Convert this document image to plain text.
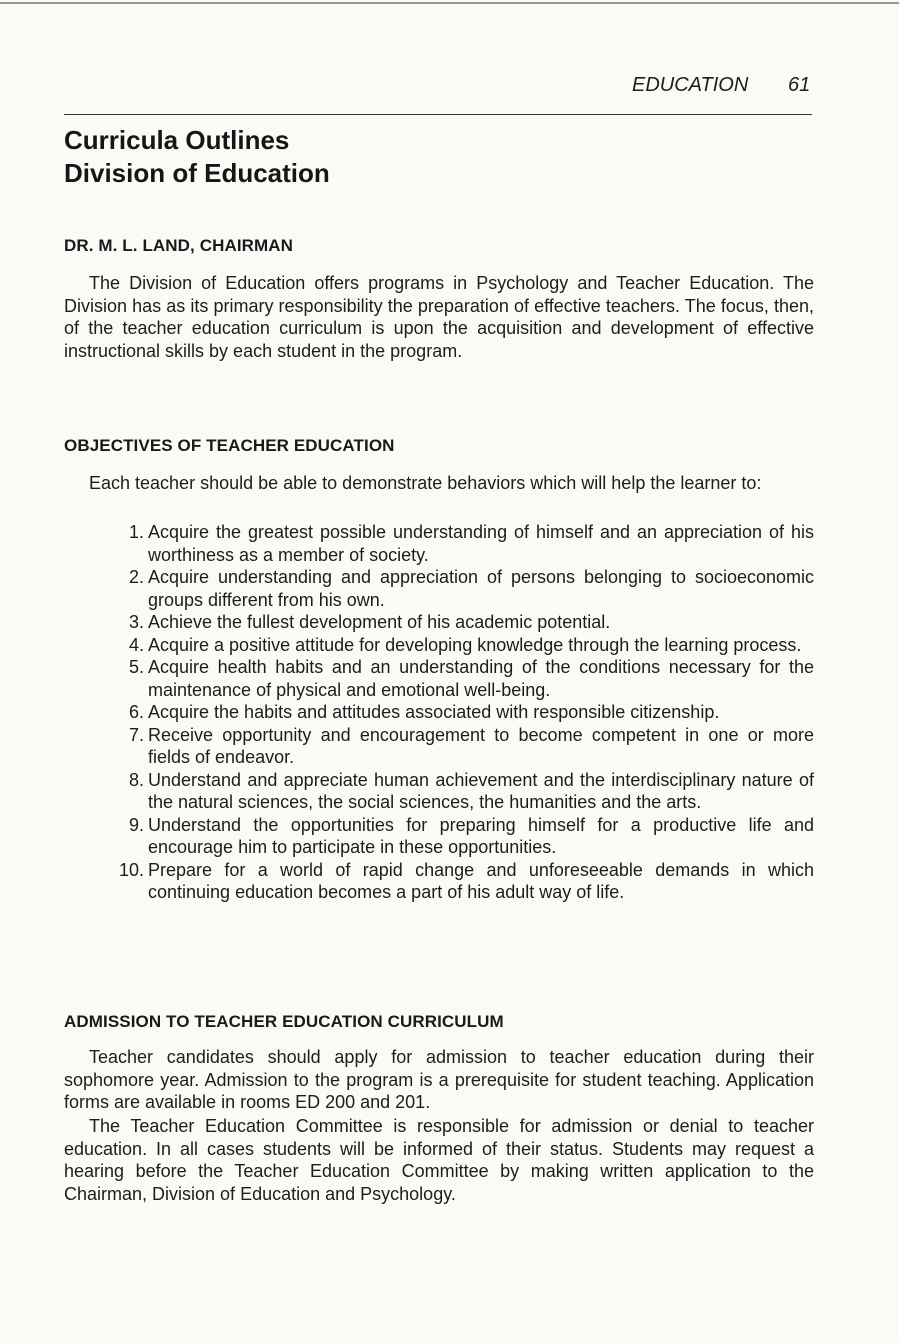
EDUCATION 61
Curricula Outlines
Division of Education
DR. M. L. LAND, CHAIRMAN

The Division of Education offers programs in Psychology and Teacher Education. The Division has as its primary responsibility the preparation of effective teachers. The focus, then, of the teacher education curriculum is upon the acquisition and development of effective instructional skills by each student in the program.

OBJECTIVES OF TEACHER EDUCATION

Each teacher should be able to demonstrate behaviors which will help the learner to:

1. Acquire the greatest possible understanding of himself and an appreciation of his worthiness as a member of society.
2. Acquire understanding and appreciation of persons belonging to socioeconomic groups different from his own.
3. Achieve the fullest development of his academic potential.
4. Acquire a positive attitude for developing knowledge through the learning process.
5. Acquire health habits and an understanding of the conditions necessary for the maintenance of physical and emotional well-being.
6. Acquire the habits and attitudes associated with responsible citizenship.
7. Receive opportunity and encouragement to become competent in one or more fields of endeavor.
8. Understand and appreciate human achievement and the interdisciplinary nature of the natural sciences, the social sciences, the humanities and the arts.
9. Understand the opportunities for preparing himself for a productive life and encourage him to participate in these opportunities.
10. Prepare for a world of rapid change and unforeseeable demands in which continuing education becomes a part of his adult way of life.
ADMISSION TO TEACHER EDUCATION CURRICULUM

Teacher candidates should apply for admission to teacher education during their sophomore year. Admission to the program is a prerequisite for student teaching. Application forms are available in rooms ED 200 and 201.

The Teacher Education Committee is responsible for admission or denial to teacher education. In all cases students will be informed of their status. Students may request a hearing before the Teacher Education Committee by making written application to the Chairman, Division of Education and Psychology.
